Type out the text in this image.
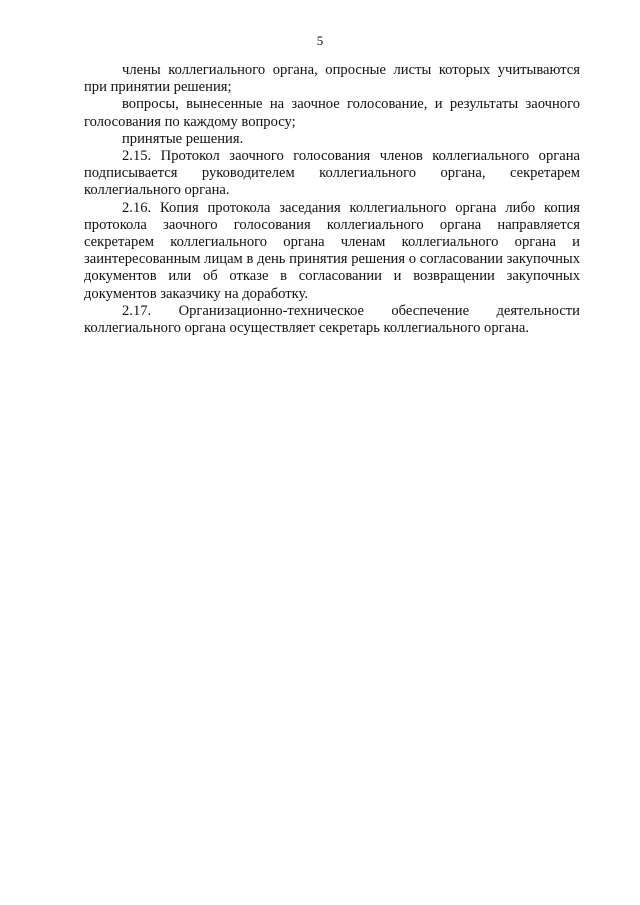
5

члены коллегиального органа, опросные листы которых учитываются при принятии решения;

вопросы, вынесенные на заочное голосование, и результаты заочного голосования по каждому вопросу;

принятые решения.

2.15. Протокол заочного голосования членов коллегиального органа подписывается руководителем коллегиального органа, секретарем коллегиального органа.

2.16. Копия протокола заседания коллегиального органа либо копия протокола заочного голосования коллегиального органа направляется секретарем коллегиального органа членам коллегиального органа и заинтересованным лицам в день принятия решения о согласовании закупочных документов или об отказе в согласовании и возвращении закупочных документов заказчику на доработку.

2.17. Организационно-техническое обеспечение деятельности коллегиального органа осуществляет секретарь коллегиального органа.
